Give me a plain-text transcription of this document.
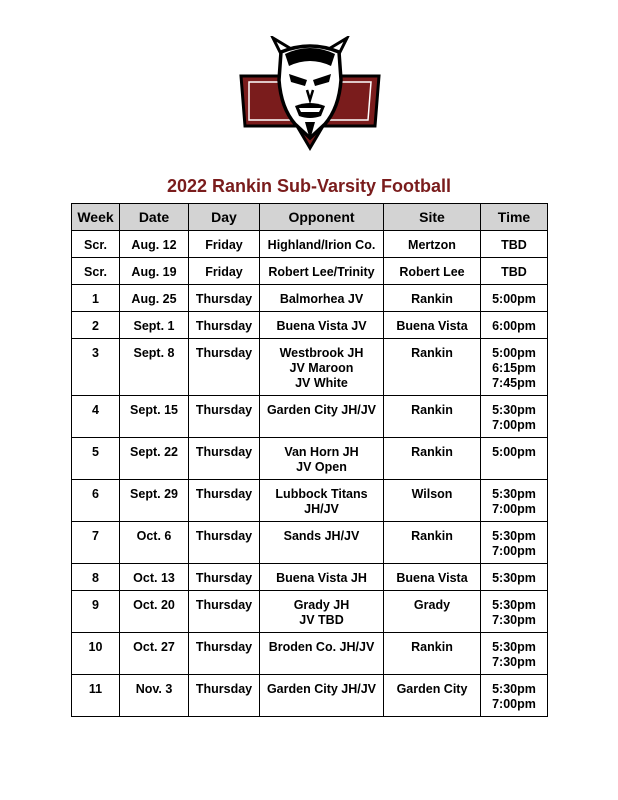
2022 Rankin Sub-Varsity Football
Week	Date	Day	Opponent	Site	Time
Scr.	Aug. 12	Friday	Highland/Irion Co.	Mertzon	TBD

Scr.	Aug. 19	Friday	Robert Lee/Trinity	Robert Lee	TBD

1	Aug. 25	Thursday	Balmorhea JV	Rankin	5:00pm

2	Sept. 1	Thursday	Buena Vista JV	Buena Vista	6:00pm

3	Sept. 8	Thursday	Westbrook JH
JV Maroon
JV White	Rankin	5:00pm
6:15pm
7:45pm

4	Sept. 15	Thursday	Garden City JH/JV	Rankin	5:30pm
7:00pm

5	Sept. 22	Thursday	Van Horn JH
JV Open	Rankin	5:00pm

6	Sept. 29	Thursday	Lubbock Titans
JH/JV	Wilson	5:30pm
7:00pm

7	Oct. 6	Thursday	Sands JH/JV	Rankin	5:30pm
7:00pm

8	Oct. 13	Thursday	Buena Vista JH	Buena Vista	5:30pm

9	Oct. 20	Thursday	Grady JH
JV TBD	Grady	5:30pm
7:30pm

10	Oct. 27	Thursday	Broden Co. JH/JV	Rankin	5:30pm
7:30pm

11	Nov. 3	Thursday	Garden City JH/JV	Garden City	5:30pm
7:00pm
